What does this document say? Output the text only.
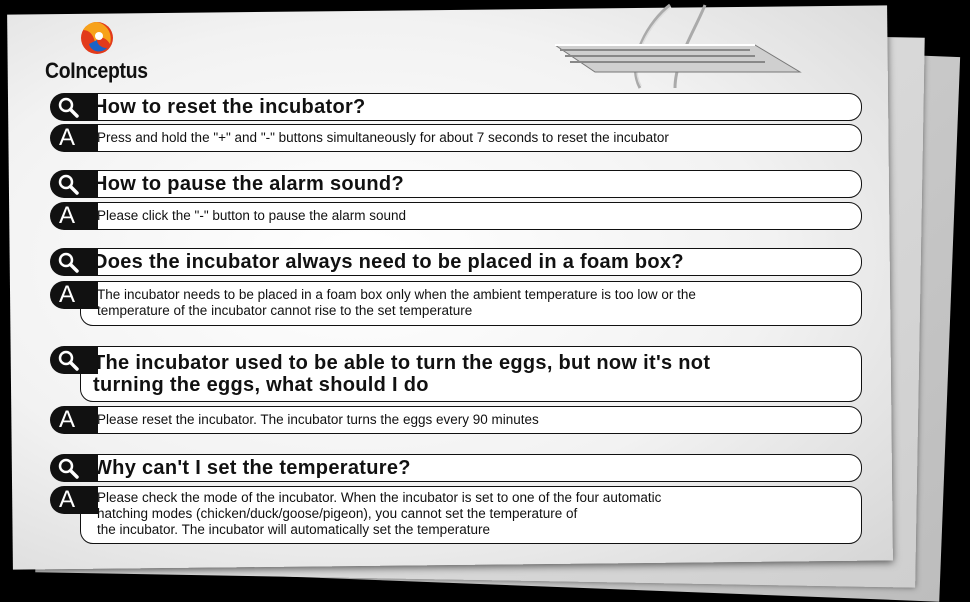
CoInceptus
How to reset the incubator?
A Press and hold the "+" and "-" buttons simultaneously for about 7 seconds to reset the incubator
How to pause the alarm sound?
A Please click the "-" button to pause the alarm sound
Does the incubator always need to be placed in a foam box?
A The incubator needs to be placed in a foam box only when the ambient temperature is too low or the
temperature of the incubator cannot rise to the set temperature
The incubator used to be able to turn the eggs, but now it's not
turning the eggs, what should I do
A Please reset the incubator. The incubator turns the eggs every 90 minutes
Why can't I set the temperature?
A Please check the mode of the incubator. When the incubator is set to one of the four automatic
hatching modes (chicken/duck/goose/pigeon), you cannot set the temperature of
the incubator. The incubator will automatically set the temperature
